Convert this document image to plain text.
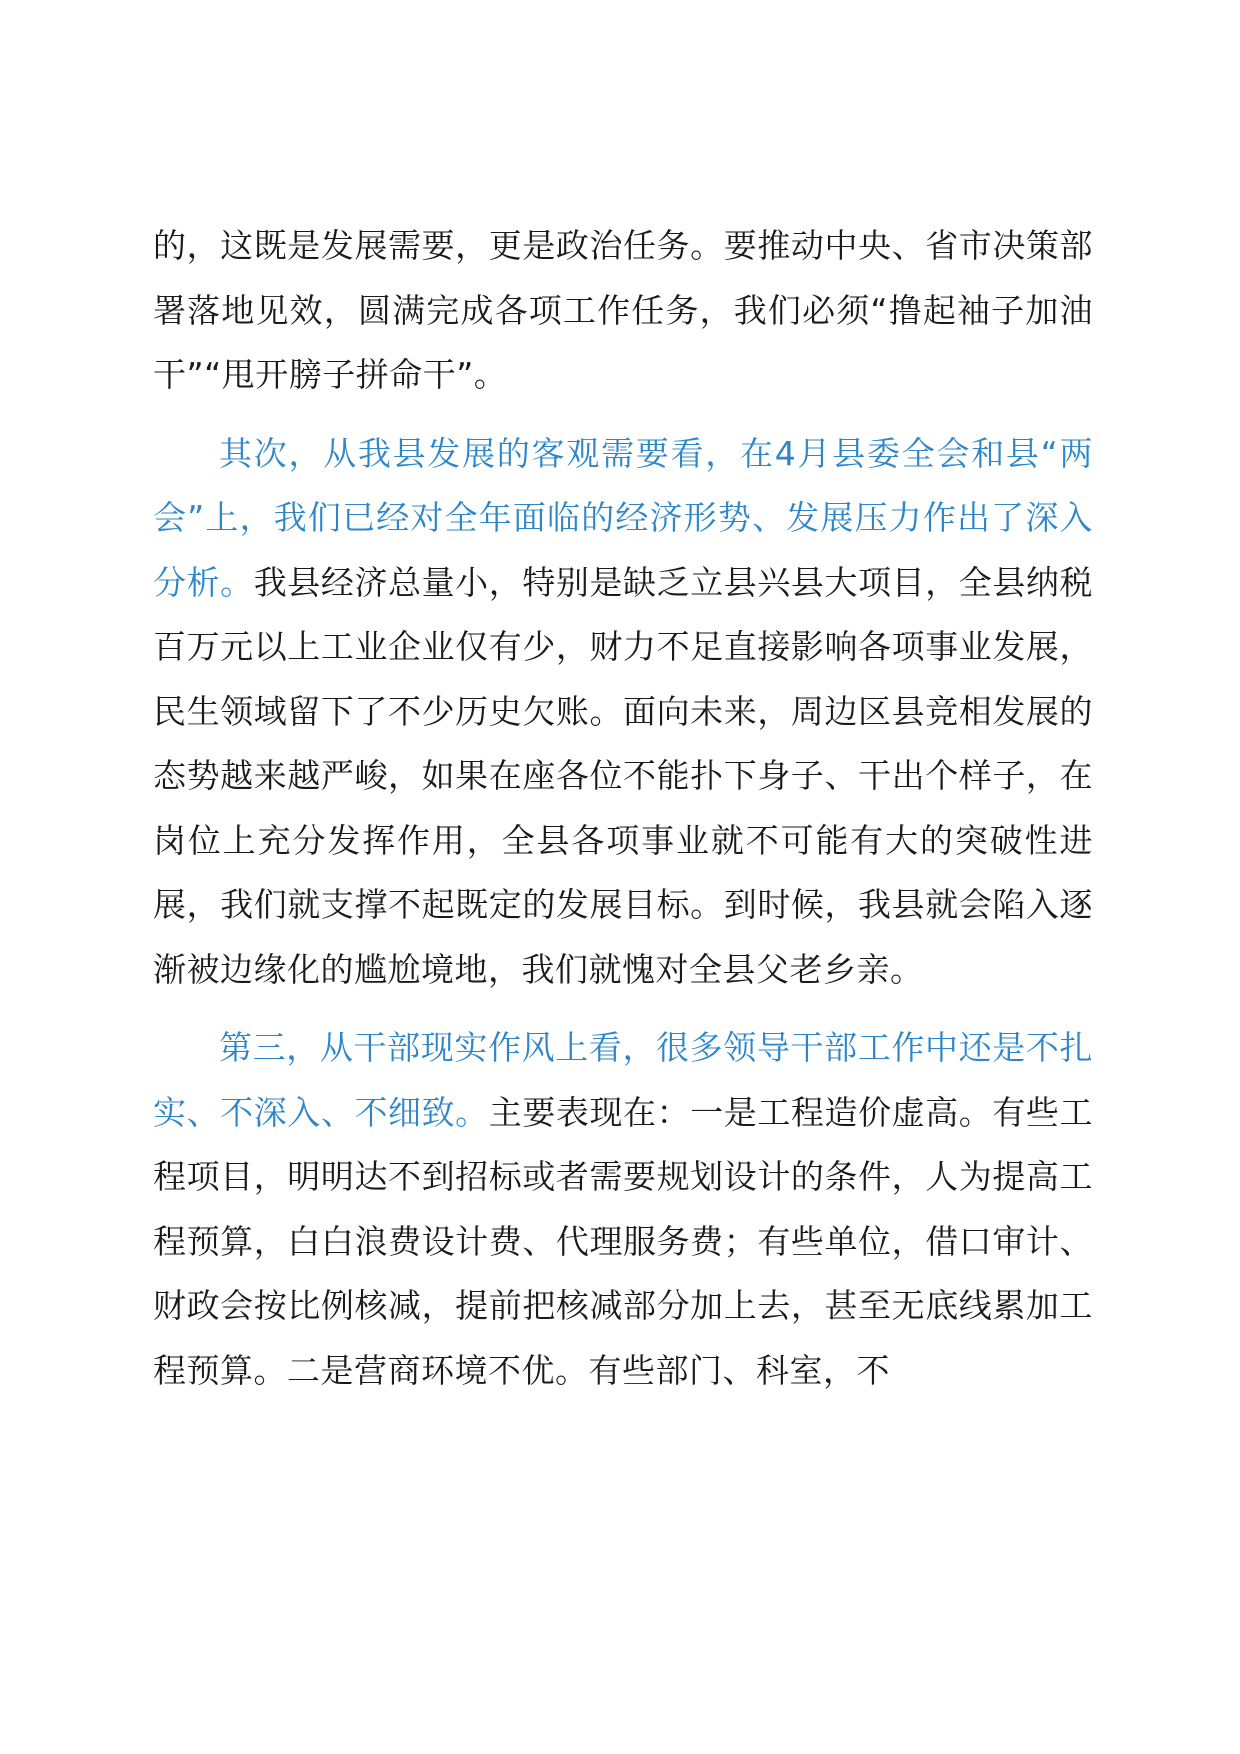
的，这既是发展需要，更是政治任务。要推动中央、省市决策部署落地见效，圆满完成各项工作任务，我们必须“撸起袖子加油干”“甩开膀子拼命干”。

其次，从我县发展的客观需要看，在4月县委全会和县“两会”上，我们已经对全年面临的经济形势、发展压力作出了深入分析。我县经济总量小，特别是缺乏立县兴县大项目，全县纳税百万元以上工业企业仅有少，财力不足直接影响各项事业发展，民生领域留下了不少历史欠账。面向未来，周边区县竞相发展的态势越来越严峻，如果在座各位不能扑下身子、干出个样子，在岗位上充分发挥作用，全县各项事业就不可能有大的突破性进展，我们就支撑不起既定的发展目标。到时候，我县就会陷入逐渐被边缘化的尴尬境地，我们就愧对全县父老乡亲。

第三，从干部现实作风上看，很多领导干部工作中还是不扎实、不深入、不细致。主要表现在：一是工程造价虚高。有些工程项目，明明达不到招标或者需要规划设计的条件，人为提高工程预算，白白浪费设计费、代理服务费；有些单位，借口审计、财政会按比例核减，提前把核减部分加上去，甚至无底线累加工程预算。二是营商环境不优。有些部门、科室，不
